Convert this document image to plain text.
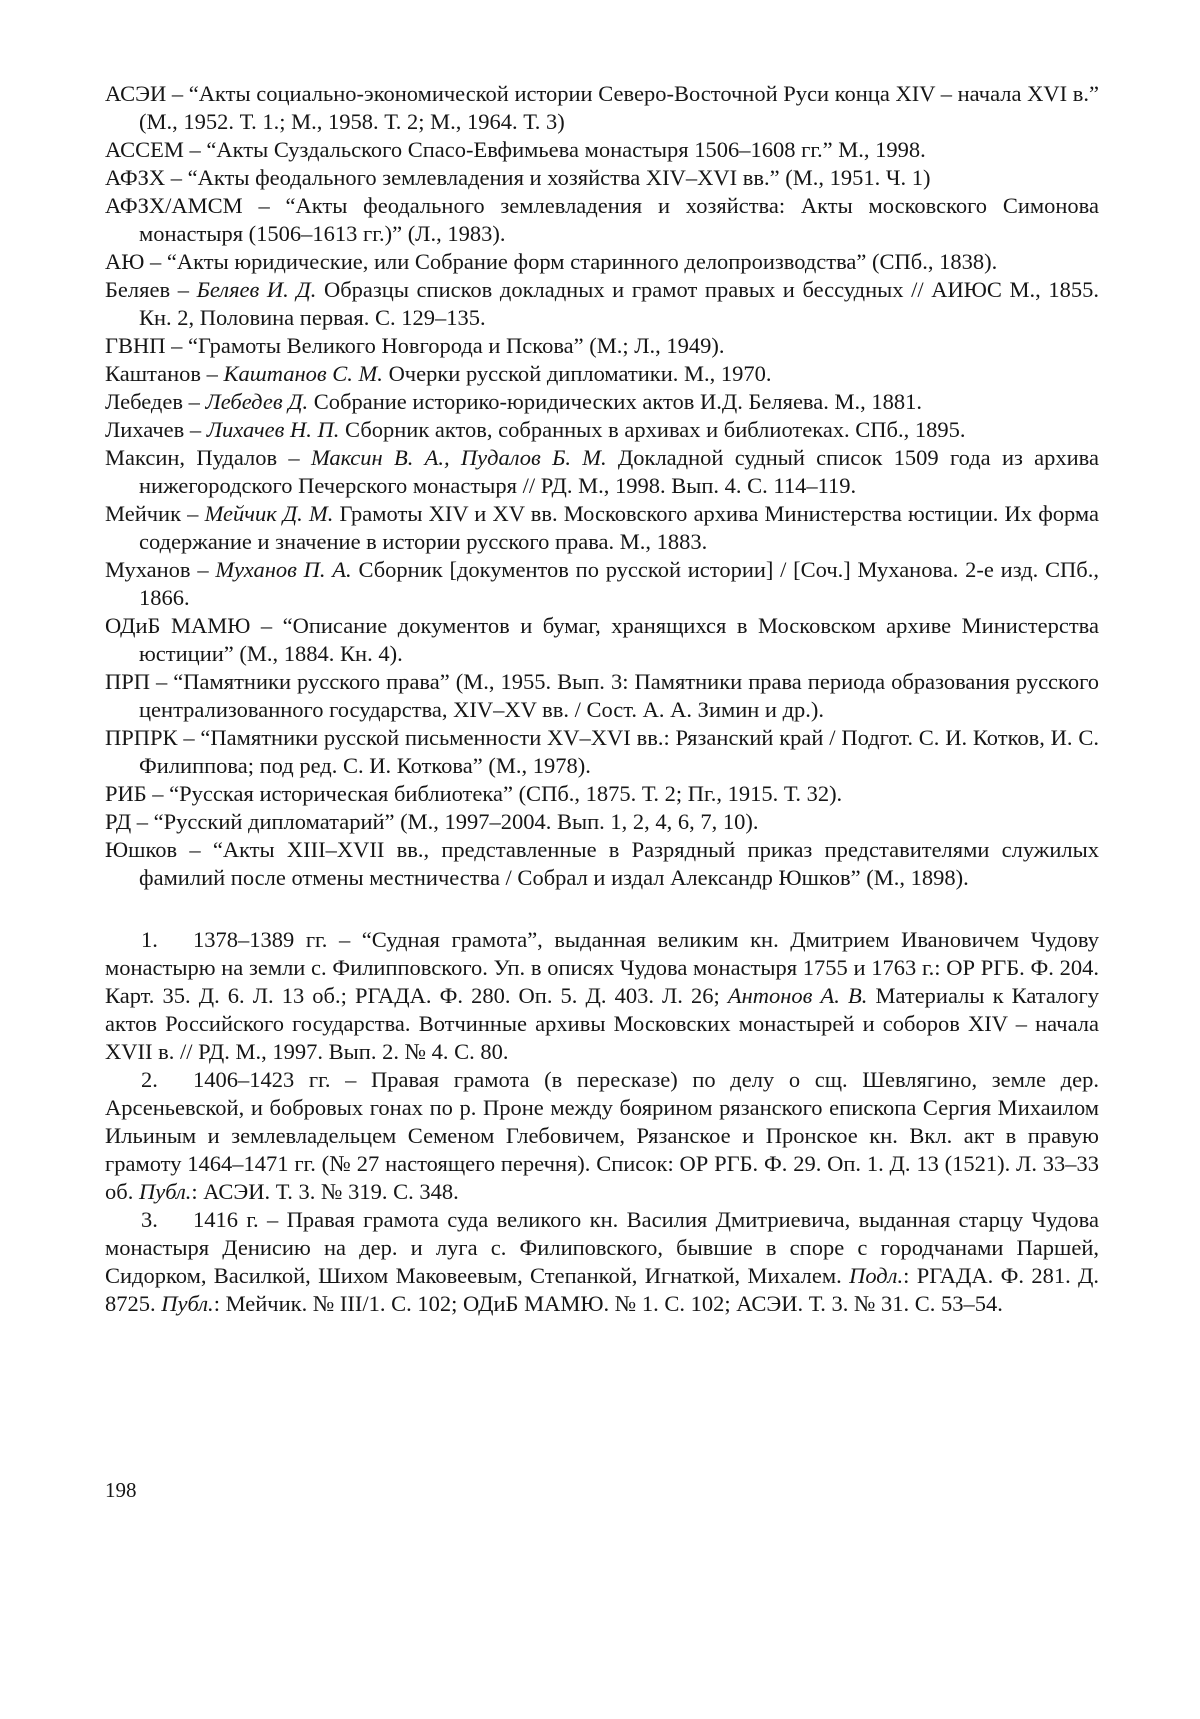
АСЭИ – “Акты социально-экономической истории Северо-Восточной Руси конца XIV – начала XVI в.” (М., 1952. Т. 1.; М., 1958. Т. 2; М., 1964. Т. 3)

АССЕМ – “Акты Суздальского Спасо-Евфимьева монастыря 1506–1608 гг.” М., 1998.

АФЗХ – “Акты феодального землевладения и хозяйства XIV–XVI вв.” (М., 1951. Ч. 1)

АФЗХ/АМСМ – “Акты феодального землевладения и хозяйства: Акты московского Симонова монастыря (1506–1613 гг.)” (Л., 1983).

АЮ – “Акты юридические, или Собрание форм старинного делопроизводства” (СПб., 1838).

Беляев – Беляев И. Д. Образцы списков докладных и грамот правых и бессудных // АИЮС М., 1855. Кн. 2, Половина первая. С. 129–135.

ГВНП – “Грамоты Великого Новгорода и Пскова” (М.; Л., 1949).

Каштанов – Каштанов С. М. Очерки русской дипломатики. М., 1970.

Лебедев – Лебедев Д. Собрание историко-юридических актов И.Д. Беляева. М., 1881.

Лихачев – Лихачев Н. П. Сборник актов, собранных в архивах и библиотеках. СПб., 1895.

Максин, Пудалов – Максин В. А., Пудалов Б. М. Докладной судный список 1509 года из архива нижегородского Печерского монастыря // РД. М., 1998. Вып. 4. С. 114–119.

Мейчик – Мейчик Д. М. Грамоты XIV и XV вв. Московского архива Министерства юстиции. Их форма содержание и значение в истории русского права. М., 1883.

Муханов – Муханов П. А. Сборник [документов по русской истории] / [Соч.] Муханова. 2-е изд. СПб., 1866.

ОДиБ МАМЮ – “Описание документов и бумаг, хранящихся в Московском архиве Министерства юстиции” (М., 1884. Кн. 4).

ПРП – “Памятники русского права” (М., 1955. Вып. 3: Памятники права периода образования русского централизованного государства, XIV–XV вв. / Сост. А. А. Зимин и др.).

ПРПРК – “Памятники русской письменности XV–XVI вв.: Рязанский край / Подгот. С. И. Котков, И. С. Филиппова; под ред. С. И. Коткова” (М., 1978).

РИБ – “Русская историческая библиотека” (СПб., 1875. Т. 2; Пг., 1915. Т. 32).

РД – “Русский дипломатарий” (М., 1997–2004. Вып. 1, 2, 4, 6, 7, 10).

Юшков – “Акты XIII–XVII вв., представленные в Разрядный приказ представителями служилых фамилий после отмены местничества / Собрал и издал Александр Юшков” (М., 1898).

1. 1378–1389 гг. – “Судная грамота”, выданная великим кн. Дмитрием Ивановичем Чудову монастырю на земли с. Филипповского. Уп. в описях Чудова монастыря 1755 и 1763 г.: ОР РГБ. Ф. 204. Карт. 35. Д. 6. Л. 13 об.; РГАДА. Ф. 280. Оп. 5. Д. 403. Л. 26; Антонов А. В. Материалы к Каталогу актов Российского государства. Вотчинные архивы Московских монастырей и соборов XIV – начала XVII в. // РД. М., 1997. Вып. 2. № 4. С. 80.

2. 1406–1423 гг. – Правая грамота (в пересказе) по делу о сщ. Шевлягино, земле дер. Арсеньевской, и бобровых гонах по р. Проне между боярином рязанского епископа Сергия Михаилом Ильиным и землевладельцем Семеном Глебовичем, Рязанское и Пронское кн. Вкл. акт в правую грамоту 1464–1471 гг. (№ 27 настоящего перечня). Список: ОР РГБ. Ф. 29. Оп. 1. Д. 13 (1521). Л. 33–33 об. Публ.: АСЭИ. Т. 3. № 319. С. 348.

3. 1416 г. – Правая грамота суда великого кн. Василия Дмитриевича, выданная старцу Чудова монастыря Денисию на дер. и луга с. Филиповского, бывшие в споре с городчанами Паршей, Сидорком, Василкой, Шихом Маковеевым, Степанкой, Игнаткой, Михалем. Подл.: РГАДА. Ф. 281. Д. 8725. Публ.: Мейчик. № III/1. С. 102; ОДиБ МАМЮ. № 1. С. 102; АСЭИ. Т. 3. № 31. С. 53–54.

198
